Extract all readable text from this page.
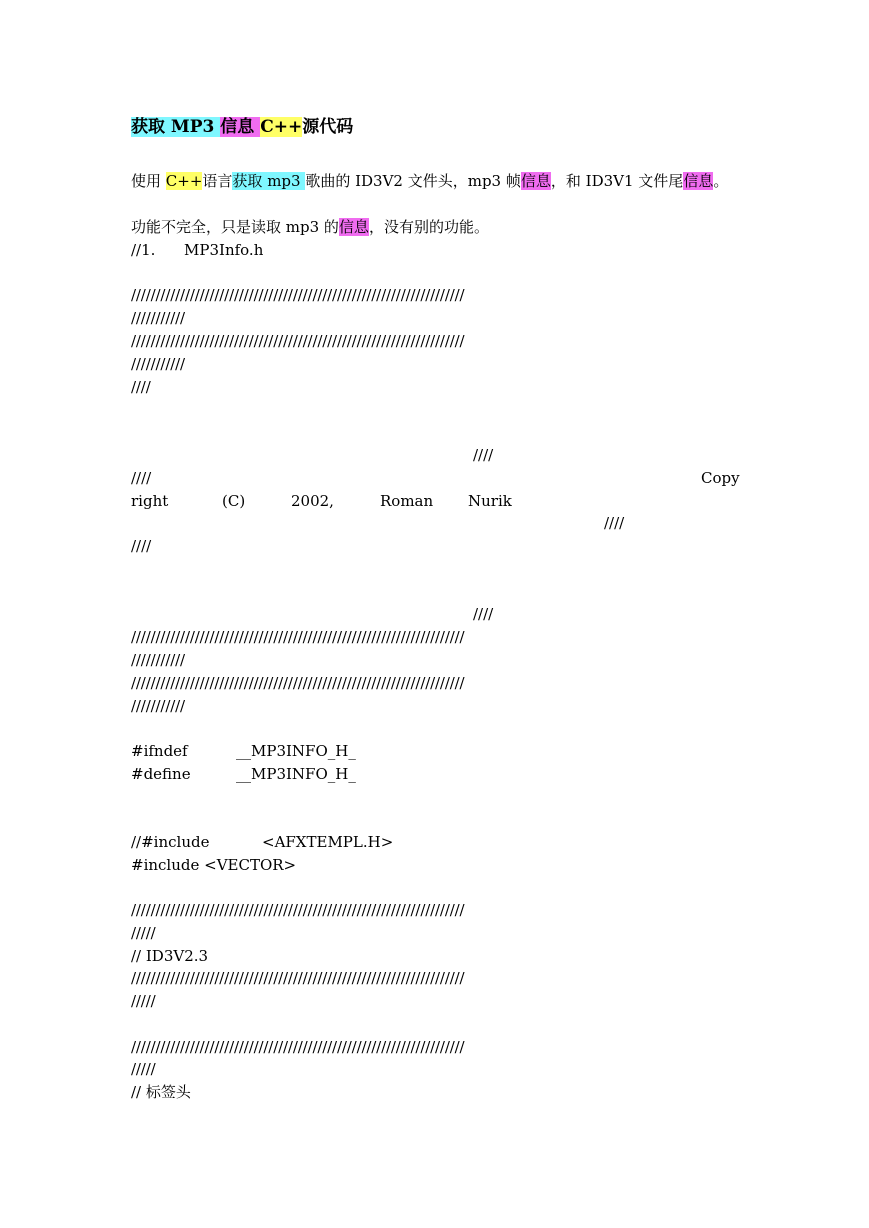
获取 MP3 信息 C++源代码
使用 C++语言获取 mp3 歌曲的 ID3V2 文件头，mp3 帧信息，和 ID3V1 文件尾信息。
功能不完全，只是读取 mp3 的信息，没有别的功能。
//1.      MP3Info.h
////////////////////////////////////////////////////////////////////
///////////
////////////////////////////////////////////////////////////////////
///////////
////
////
////	Copy
right	(C)	2002,	Roman Nurik
////
////
////
////////////////////////////////////////////////////////////////////
///////////
////////////////////////////////////////////////////////////////////
///////////
#ifndef	__MP3INFO_H_
#define	__MP3INFO_H_
//#include	<AFXTEMPL.H>
#include <VECTOR>
////////////////////////////////////////////////////////////////////
/////
// ID3V2.3
////////////////////////////////////////////////////////////////////
/////
////////////////////////////////////////////////////////////////////
/////
// 标签头
